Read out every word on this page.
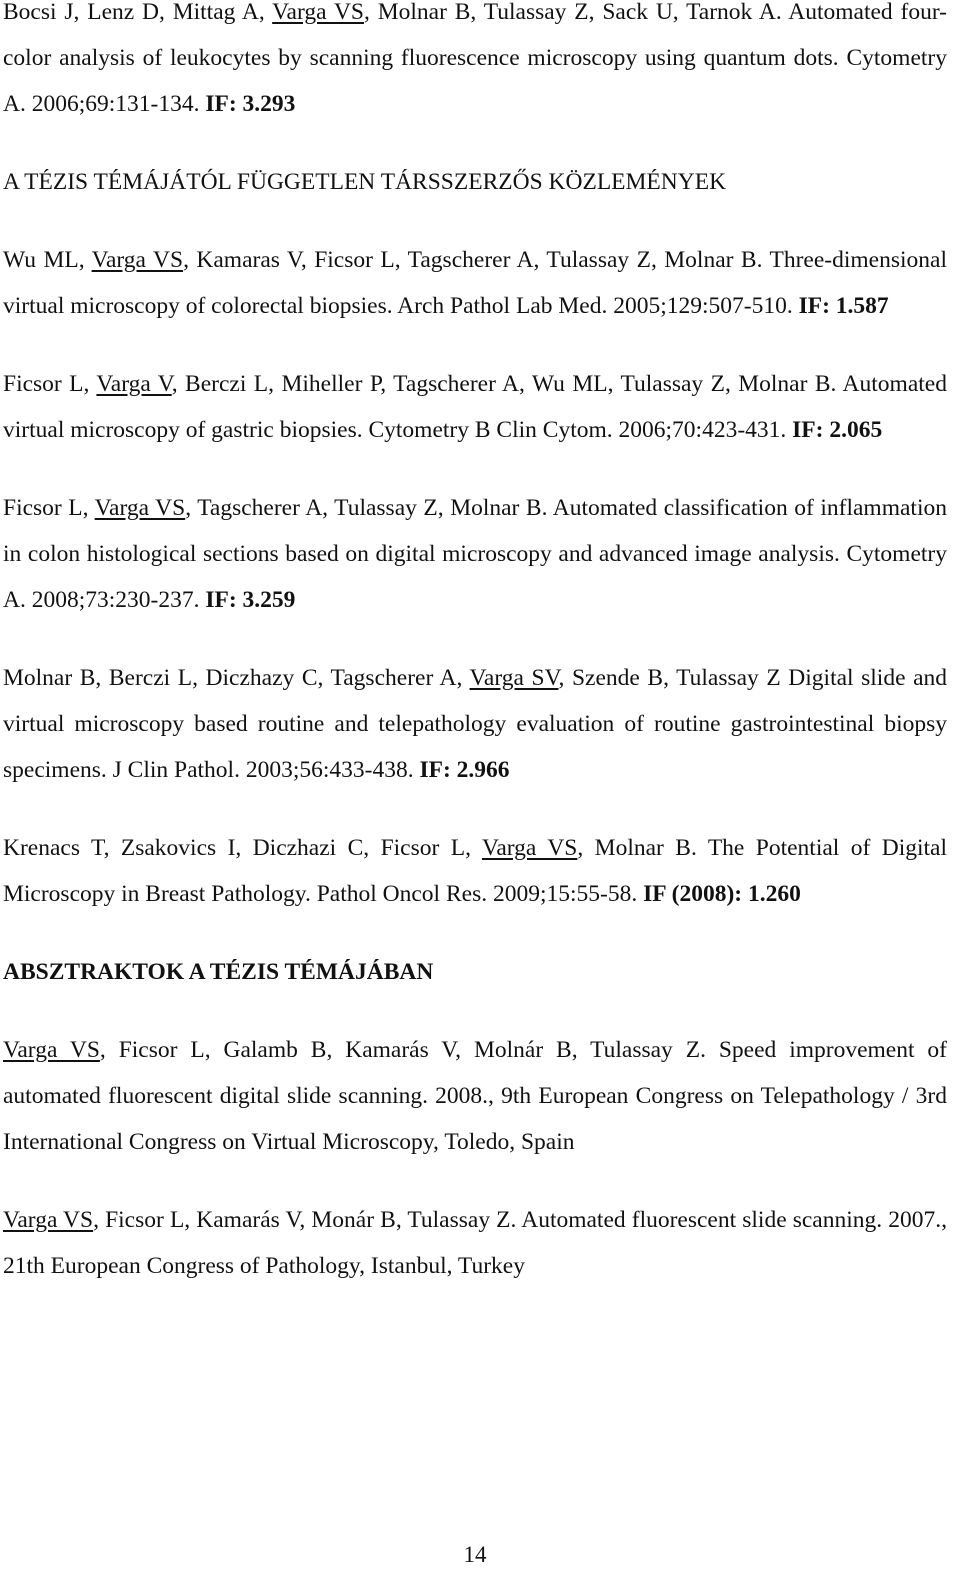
Bocsi J, Lenz D, Mittag A, Varga VS, Molnar B, Tulassay Z, Sack U, Tarnok A. Automated four-color analysis of leukocytes by scanning fluorescence microscopy using quantum dots. Cytometry A. 2006;69:131-134. IF: 3.293

A TÉZIS TÉMÁJÁTÓL FÜGGETLEN TÁRSSZERZŐS KÖZLEMÉNYEK

Wu ML, Varga VS, Kamaras V, Ficsor L, Tagscherer A, Tulassay Z, Molnar B. Three-dimensional virtual microscopy of colorectal biopsies. Arch Pathol Lab Med. 2005;129:507-510. IF: 1.587

Ficsor L, Varga V, Berczi L, Miheller P, Tagscherer A, Wu ML, Tulassay Z, Molnar B. Automated virtual microscopy of gastric biopsies. Cytometry B Clin Cytom. 2006;70:423-431. IF: 2.065

Ficsor L, Varga VS, Tagscherer A, Tulassay Z, Molnar B. Automated classification of inflammation in colon histological sections based on digital microscopy and advanced image analysis. Cytometry A. 2008;73:230-237. IF: 3.259

Molnar B, Berczi L, Diczhazy C, Tagscherer A, Varga SV, Szende B, Tulassay Z Digital slide and virtual microscopy based routine and telepathology evaluation of routine gastrointestinal biopsy specimens. J Clin Pathol. 2003;56:433-438. IF: 2.966

Krenacs T, Zsakovics I, Diczhazi C, Ficsor L, Varga VS, Molnar B. The Potential of Digital Microscopy in Breast Pathology. Pathol Oncol Res. 2009;15:55-58. IF (2008): 1.260

ABSZTRAKTOK A TÉZIS TÉMÁJÁBAN

Varga VS, Ficsor L, Galamb B, Kamarás V, Molnár B, Tulassay Z. Speed improvement of automated fluorescent digital slide scanning. 2008., 9th European Congress on Telepathology / 3rd International Congress on Virtual Microscopy, Toledo, Spain

Varga VS, Ficsor L, Kamarás V, Monár B, Tulassay Z. Automated fluorescent slide scanning. 2007., 21th European Congress of Pathology, Istanbul, Turkey

14
